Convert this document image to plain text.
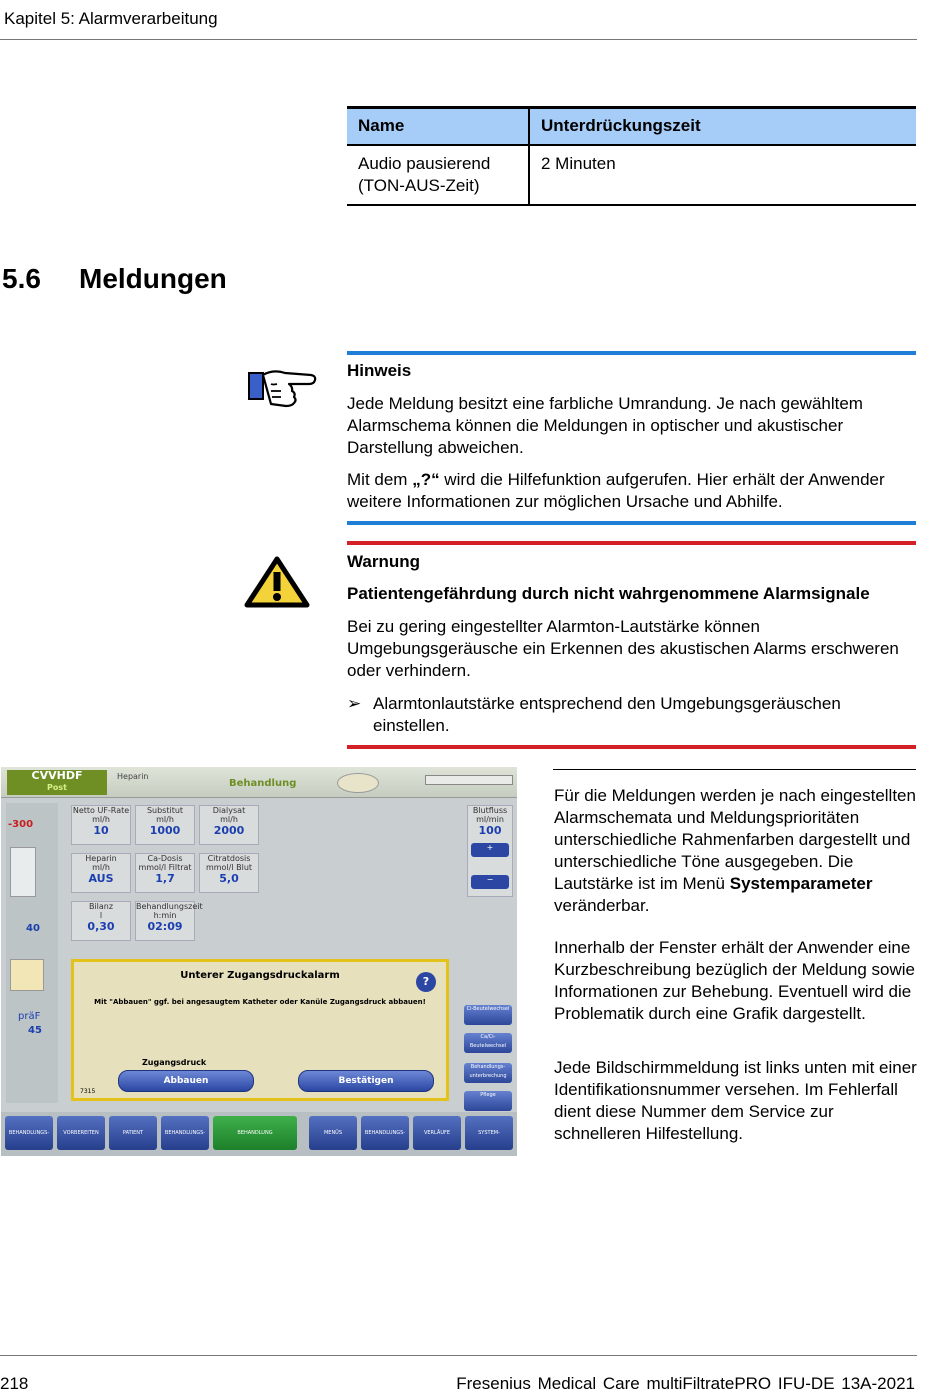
Kapitel 5: Alarmverarbeitung
Name	Unterdrückungszeit
Audio pausierend
(TON-AUS-Zeit)	2 Minuten
5.6 Meldungen
Hinweis
Jede Meldung besitzt eine farbliche Umrandung. Je nach gewähltem Alarmschema können die Meldungen in optischer und akustischer Darstellung abweichen.
Mit dem „?“ wird die Hilfefunktion aufgerufen. Hier erhält der Anwender weitere Informationen zur möglichen Ursache und Abhilfe.
Warnung
Patientengefährdung durch nicht wahrgenommene Alarmsignale
Bei zu gering eingestellter Alarmton-Lautstärke können Umgebungsgeräusche ein Erkennen des akustischen Alarms erschweren oder verhindern.
➢ Alarmtonlautstärke entsprechend den Umgebungsgeräuschen einstellen.
CVVHDF
Post
Heparin
Behandlung
-300
40
präF
45
Netto UF-Rate
ml/h
10
Substitut
ml/h
1000
Dialysat
ml/h
2000
Heparin
ml/h
AUS
Ca-Dosis
mmol/l Filtrat
1,7
Citratdosis
mmol/l Blut
5,0
Bilanz
l
0,30
Behandlungszeit
h:min
02:09
Blutfluss
ml/min
100
+
−
Unterer Zugangsdruckalarm	?
Mit "Abbauen" ggf. bei angesaugtem Katheter oder Kanüle Zugangsdruck abbauen!
Zugangsdruck
Abbauen	Bestätigen
7315
Ci-Beutelwechsel
Ca/Ci-Beutelwechsel
Behandlungs-unterbrechung
Pflege
BEHANDLUNGS-ABBR.
VORBEREITEN	PATIENT	BEHANDLUNGS-PARAMETER
BEHANDLUNG	MENÜS	BEHANDLUNGS-ENDE
VERLÄUFE	SYSTEM-PARAMETER
Für die Meldungen werden je nach eingestellten Alarmschemata und Meldungsprioritäten unterschiedliche Rahmenfarben dargestellt und unterschiedliche Töne ausgegeben. Die Lautstärke ist im Menü Systemparameter veränderbar.
Innerhalb der Fenster erhält der Anwender eine Kurzbeschreibung bezüglich der Meldung sowie Informationen zur Behebung. Eventuell wird die Problematik durch eine Grafik dargestellt.
Jede Bildschirmmeldung ist links unten mit einer Identifikationsnummer versehen. Im Fehlerfall dient diese Nummer dem Service zur schnelleren Hilfestellung.
218	Fresenius Medical Care multiFiltratePRO IFU-DE 13A-2021
